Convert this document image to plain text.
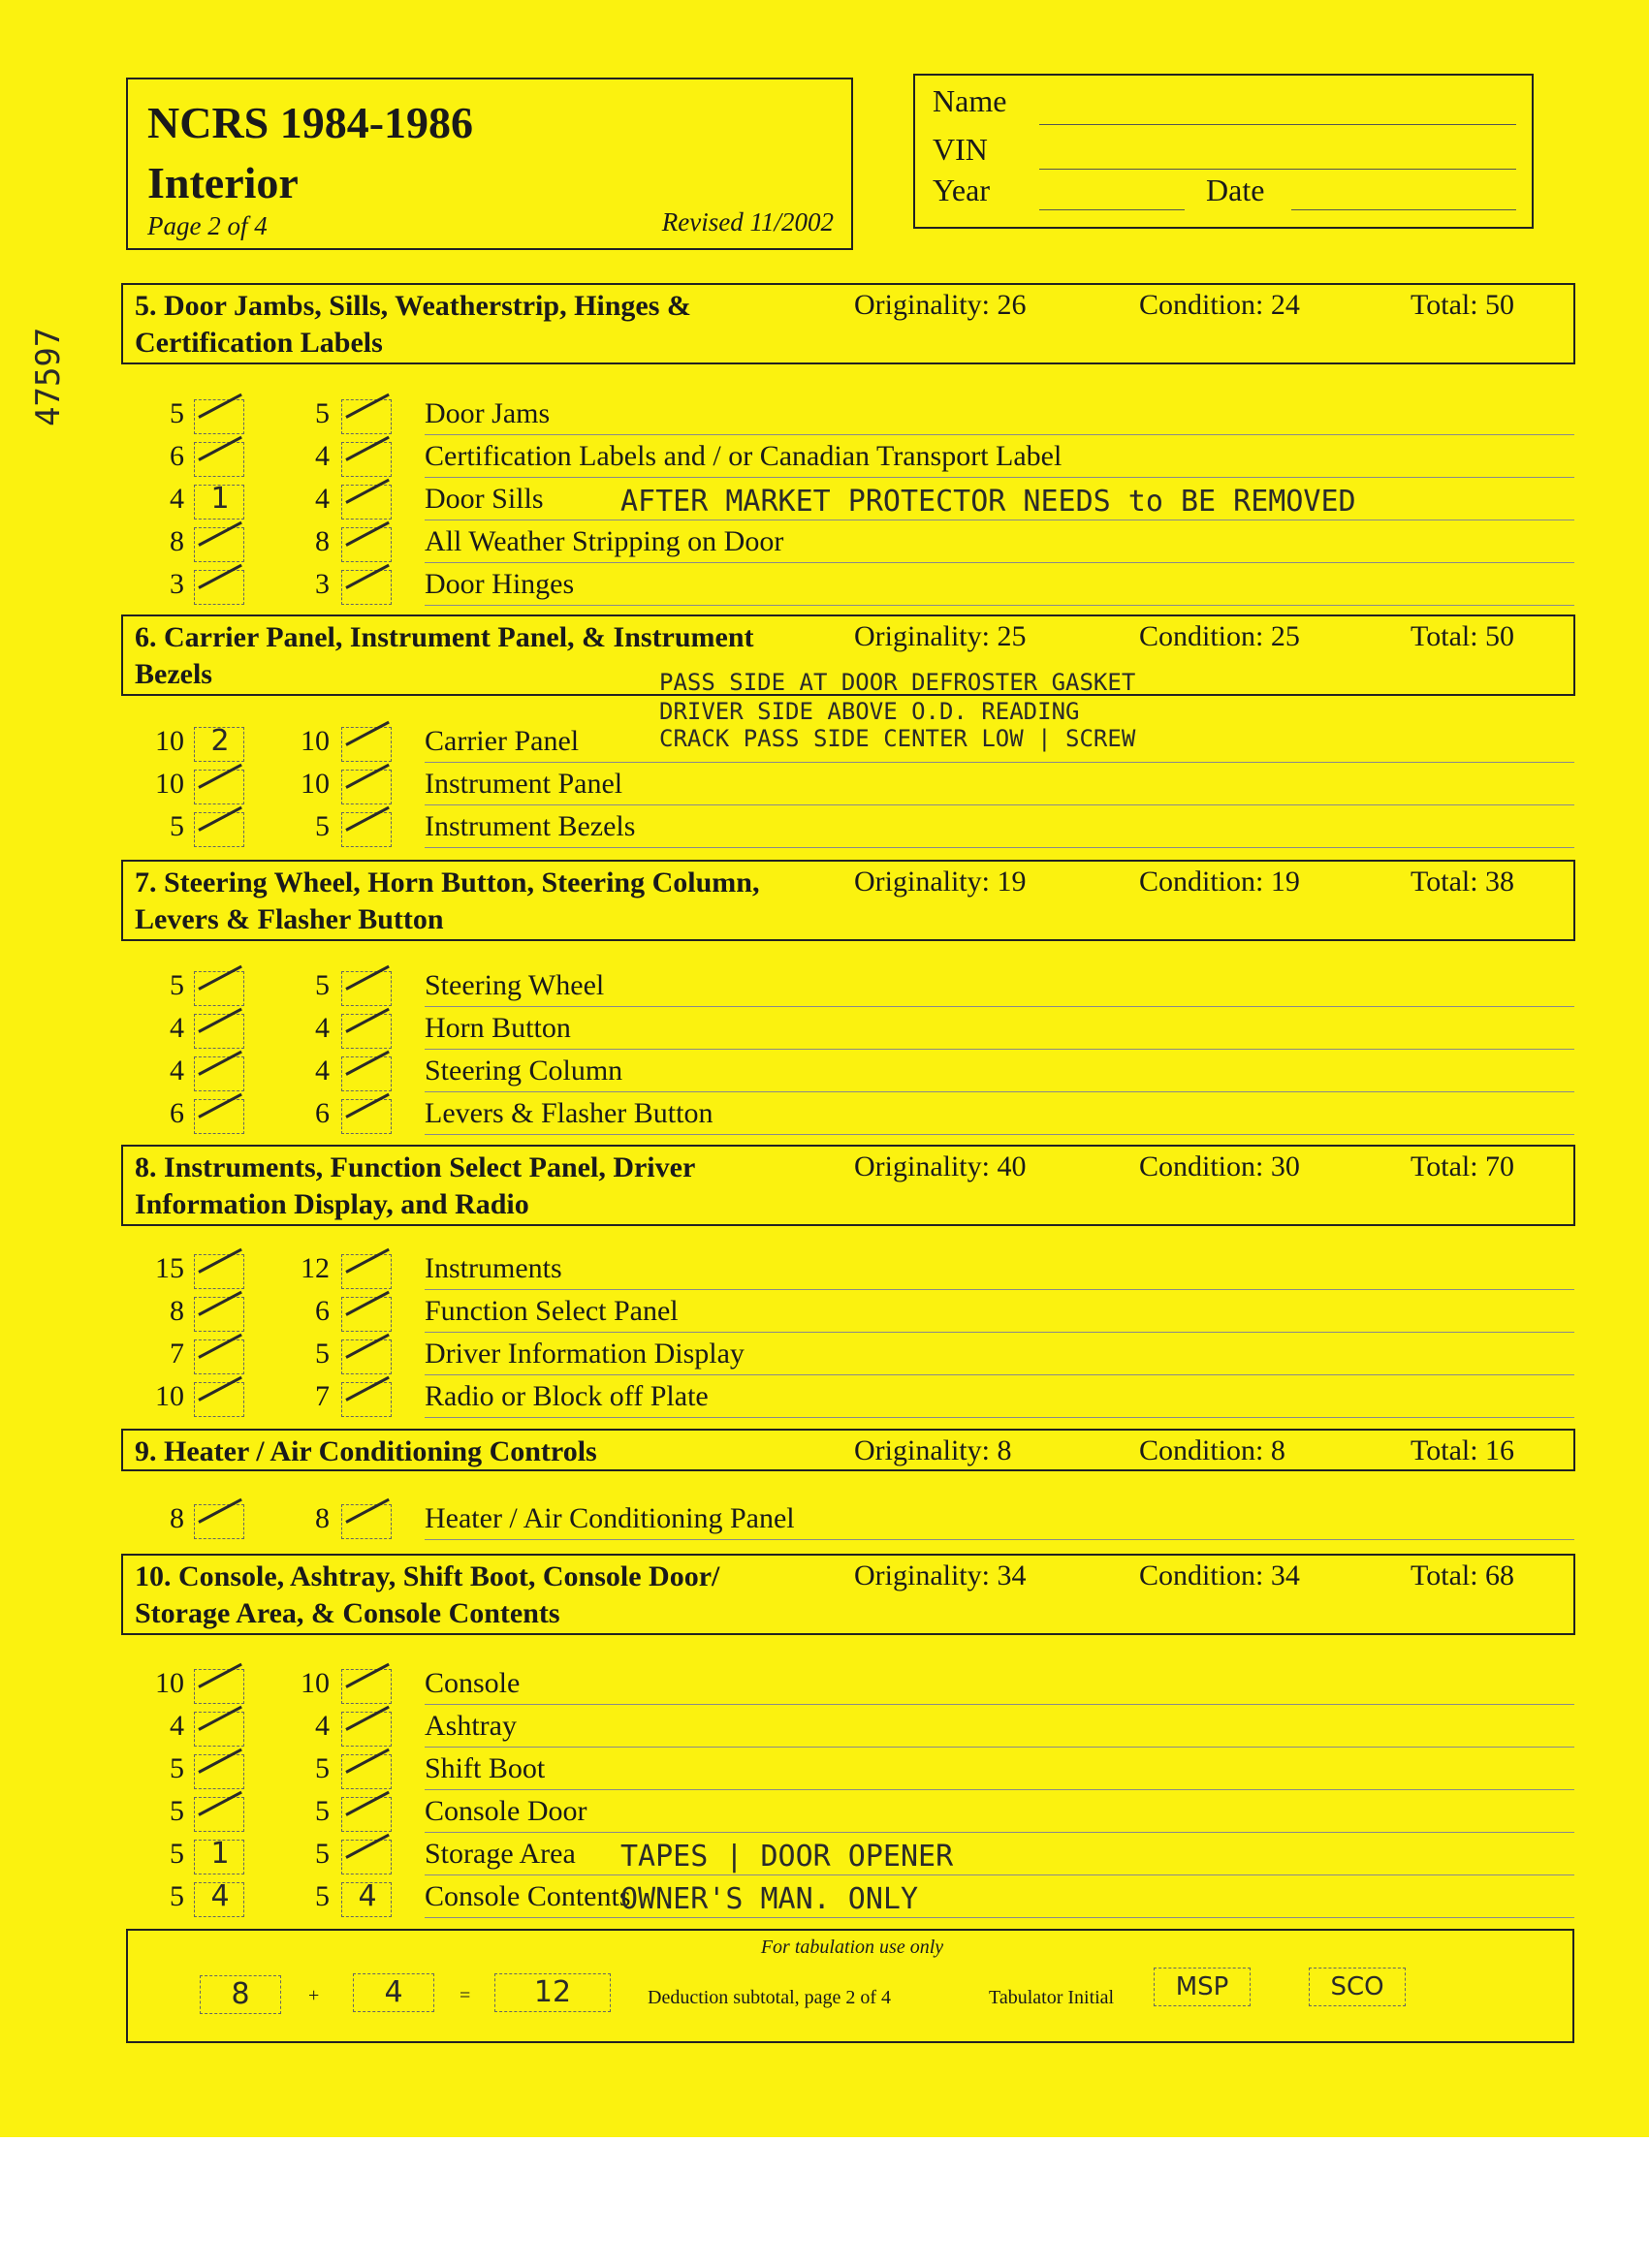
NCRS 1984-1986
Interior
Page 2 of 4	Revised 11/2002
Name
VIN
Year	Date
47597
5. Door Jambs, Sills, Weatherstrip, Hinges &
Certification Labels
Originality: 26	Condition: 24	Total: 50
5	5	Door Jams
6	4	Certification Labels and / or Canadian Transport Label
4 1	4	Door Sills	AFTER MARKET PROTECTOR NEEDS to BE REMOVED
8	8	All Weather Stripping on Door
3	3	Door Hinges
6. Carrier Panel, Instrument Panel, & Instrument
Bezels
Originality: 25	Condition: 25	Total: 50
10 2	10	Carrier Panel
10	10	Instrument Panel
5	5	Instrument Bezels
PASS SIDE AT DOOR DEFROSTER GASKET
DRIVER SIDE ABOVE O.D. READING
CRACK PASS SIDE CENTER LOW | SCREW
7. Steering Wheel, Horn Button, Steering Column,
Levers & Flasher Button
Originality: 19	Condition: 19	Total: 38
5	5	Steering Wheel
4	4	Horn Button
4	4	Steering Column
6	6	Levers & Flasher Button
8. Instruments, Function Select Panel, Driver
Information Display, and Radio
Originality: 40	Condition: 30	Total: 70
15	12	Instruments
8	6	Function Select Panel
7	5	Driver Information Display
10	7	Radio or Block off Plate
9. Heater / Air Conditioning Controls	Originality: 8	Condition: 8	Total: 16
8	8	Heater / Air Conditioning Panel
10. Console, Ashtray, Shift Boot, Console Door/
Storage Area, & Console Contents
Originality: 34	Condition: 34	Total: 68
10	10	Console
4	4	Ashtray
5	5	Shift Boot
5	5	Console Door
5 1	5	Storage Area TAPES | DOOR OPENER
5 4	5 4	Console Contents
OWNER'S MAN. ONLY
For tabulation use only
8	+	4	=	12	Deduction subtotal, page 2 of 4	Tabulator Initial	MSP	SCO
